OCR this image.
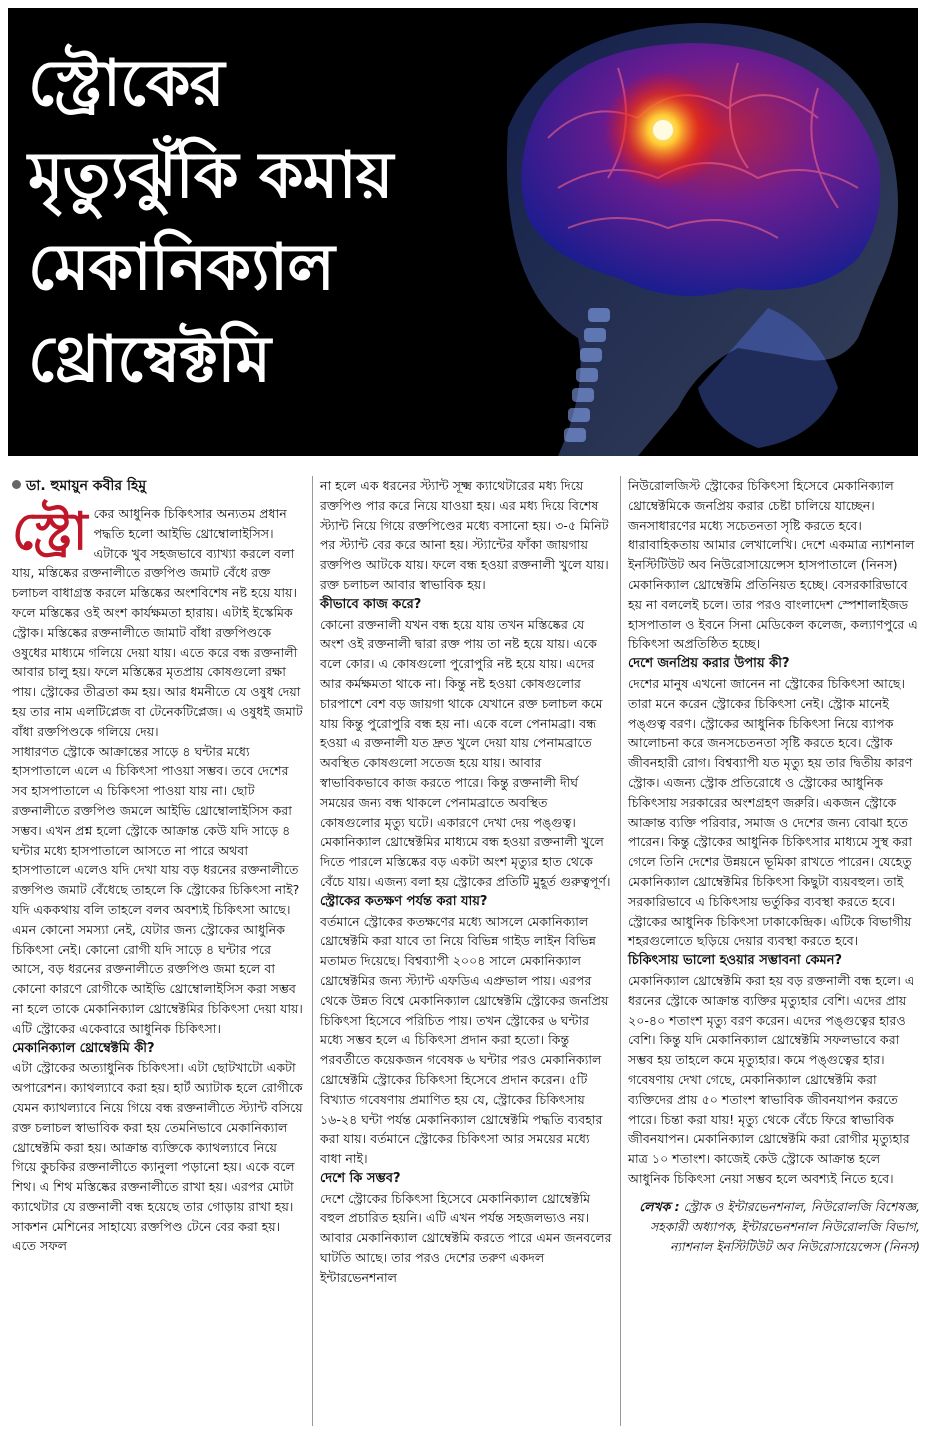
স্ট্রোকের
মৃত্যুঝুঁকি কমায়
মেকানিক্যাল
থ্রোম্বেক্টমি

ডা. হুমায়ুন কবীর হিমু

স্ট্রো কের আধুনিক চিকিৎসার অন্যতম প্রধান পদ্ধতি হলো আইভি থ্রোম্বোলাইসিস। এটাকে খুব সহজভাবে ব্যাখ্যা করলে বলা যায়, মস্তিষ্কের রক্তনালীতে রক্তপিণ্ড জমাট বেঁধে রক্ত চলাচল বাধাগ্রস্ত করলে মস্তিষ্কের অংশবিশেষ নষ্ট হয়ে যায়। ফলে মস্তিষ্কের ওই অংশ কার্যক্ষমতা হারায়। এটাই ইস্কেমিক স্ট্রোক। মস্তিষ্কের রক্তনালীতে জামাট বাঁধা রক্তপিণ্ডকে ওষুধের মাধ্যমে গলিয়ে দেয়া যায়। এতে করে বন্ধ রক্তনালী আবার চালু হয়। ফলে মস্তিষ্কের মৃতপ্রায় কোষগুলো রক্ষা পায়। স্ট্রোকের তীব্রতা কম হয়। আর ধমনীতে যে ওষুধ দেয়া হয় তার নাম এলটিপ্লেজ বা টেনেকটিপ্লেজ। এ ওষুধই জমাট বাঁধা রক্তপিণ্ডকে গলিয়ে দেয়।

সাধারণত স্ট্রোকে আক্রান্তের সাড়ে ৪ ঘন্টার মধ্যে হাসপাতালে এলে এ চিকিৎসা পাওয়া সম্ভব। তবে দেশের সব হাসপাতালে এ চিকিৎসা পাওয়া যায় না। ছোট রক্তনালীতে রক্তপিণ্ড জমলে আইভি থ্রোম্বোলাইসিস করা সম্ভব। এখন প্রশ্ন হলো স্ট্রোকে আক্রান্ত কেউ যদি সাড়ে ৪ ঘন্টার মধ্যে হাসপাতালে আসতে না পারে অথবা হাসপাতালে এলেও যদি দেখা যায় বড় ধরনের রক্তনালীতে রক্তপিণ্ড জমাট বেঁধেছে তাহলে কি স্ট্রোকের চিকিৎসা নাই?

যদি এককথায় বলি তাহলে বলব অবশ্যই চিকিৎসা আছে। এমন কোনো সমস্যা নেই, যেটার জন্য স্ট্রোকের আধুনিক চিকিৎসা নেই। কোনো রোগী যদি সাড়ে ৪ ঘন্টার পরে আসে, বড় ধরনের রক্তনালীতে রক্তপিণ্ড জমা হলে বা কোনো কারণে রোগীকে আইভি থ্রোম্বোলাইসিস করা সম্ভব না হলে তাকে মেকানিক্যাল থ্রোম্বেক্টমির চিকিৎসা দেয়া যায়। এটি স্ট্রোকের একেবারে আধুনিক চিকিৎসা।

মেকানিক্যাল থ্রোম্বেক্টমি কী?

এটা স্ট্রোকের অত্যাধুনিক চিকিৎসা। এটা ছোটখাটো একটা অপারেশন। ক্যাথল্যাবে করা হয়। হার্ট অ্যাটাক হলে রোগীকে যেমন ক্যাথল্যাবে নিয়ে গিয়ে বন্ধ রক্তনালীতে স্ট্যান্ট বসিয়ে রক্ত চলাচল স্বাভাবিক করা হয় তেমনিভাবে মেকানিক্যাল থ্রোম্বেক্টমি করা হয়। আক্রান্ত ব্যক্তিকে ক্যাথল্যাবে নিয়ে গিয়ে কুচকির রক্তনালীতে ক্যানুলা পড়ানো হয়। একে বলে শিথ। এ শিথ মস্তিষ্কের রক্তনালীতে রাখা হয়। এরপর মোটা ক্যাথেটার যে রক্তনালী বন্ধ হয়েছে তার গোড়ায় রাখা হয়। সাকশন মেশিনের সাহায্যে রক্তপিণ্ড টেনে বের করা হয়। এতে সফল

না হলে এক ধরনের স্ট্যান্ট সূক্ষ্ম ক্যাথেটারের মধ্য দিয়ে রক্তপিণ্ড পার করে নিয়ে যাওয়া হয়। এর মধ্য দিয়ে বিশেষ স্ট্যান্ট নিয়ে গিয়ে রক্তপিণ্ডের মধ্যে বসানো হয়। ৩-৫ মিনিট পর স্ট্যান্ট বের করে আনা হয়। স্ট্যান্টের ফাঁকা জায়গায় রক্তপিণ্ড আটকে যায়। ফলে বন্ধ হওয়া রক্তনালী খুলে যায়। রক্ত চলাচল আবার স্বাভাবিক হয়।

কীভাবে কাজ করে?

কোনো রক্তনালী যখন বন্ধ হয়ে যায় তখন মস্তিষ্কের যে অংশ ওই রক্তনালী দ্বারা রক্ত পায় তা নষ্ট হয়ে যায়। একে বলে কোর। এ কোষগুলো পুরোপুরি নষ্ট হয়ে যায়। এদের আর কর্মক্ষমতা থাকে না। কিন্তু নষ্ট হওয়া কোষগুলোর চারপাশে বেশ বড় জায়গা থাকে যেখানে রক্ত চলাচল কমে যায় কিন্তু পুরোপুরি বন্ধ হয় না। একে বলে পেনামব্রা। বন্ধ হওয়া এ রক্তনালী যত দ্রুত খুলে দেয়া যায় পেনামব্রাতে অবস্থিত কোষগুলো সতেজ হয়ে যায়। আবার স্বাভাবিকভাবে কাজ করতে পারে। কিন্তু রক্তনালী দীর্ঘ সময়ের জন্য বন্ধ থাকলে পেনামব্রাতে অবস্থিত কোষগুলোর মৃত্যু ঘটে। একারণে দেখা দেয় পঙ্গুত্ব। মেকানিক্যাল থ্রোম্বেক্টমির মাধ্যমে বন্ধ হওয়া রক্তনালী খুলে দিতে পারলে মস্তিষ্কের বড় একটা অংশ মৃত্যুর হাত থেকে বেঁচে যায়। এজন্য বলা হয় স্ট্রোকের প্রতিটি মুহূর্ত গুরুত্বপূর্ণ।

স্ট্রোকের কতক্ষণ পর্যন্ত করা যায়?

বর্তমানে স্ট্রোকের কতক্ষণের মধ্যে আসলে মেকানিক্যাল থ্রোম্বেক্টমি করা যাবে তা নিয়ে বিভিন্ন গাইড লাইন বিভিন্ন মতামত দিয়েছে। বিশ্বব্যাপী ২০০৪ সালে মেকানিক্যাল থ্রোম্বেক্টমির জন্য স্ট্যান্ট এফডিএ এপ্রুভাল পায়। এরপর থেকে উন্নত বিশ্বে মেকানিক্যাল থ্রোম্বেক্টমি স্ট্রোকের জনপ্রিয় চিকিৎসা হিসেবে পরিচিত পায়। তখন স্ট্রোকের ৬ ঘন্টার মধ্যে সম্ভব হলে এ চিকিৎসা প্রদান করা হতো। কিন্তু পরবর্তীতে কয়েকজন গবেষক ৬ ঘন্টার পরও মেকানিক্যাল থ্রোম্বেক্টমি স্ট্রোকের চিকিৎসা হিসেবে প্রদান করেন। ৫টি বিখ্যাত গবেষণায় প্রমাণিত হয় যে, স্ট্রোকের চিকিৎসায় ১৬-২৪ ঘন্টা পর্যন্ত মেকানিক্যাল থ্রোম্বেক্টমি পদ্ধতি ব্যবহার করা যায়। বর্তমানে স্ট্রোকের চিকিৎসা আর সময়ের মধ্যে বাধা নাই।

দেশে কি সম্ভব?

দেশে স্ট্রোকের চিকিৎসা হিসেবে মেকানিক্যাল থ্রোম্বেক্টমি বহুল প্রচারিত হয়নি। এটি এখন পর্যন্ত সহজলভ্যও নয়। আবার মেকানিক্যাল থ্রোম্বেক্টমি করতে পারে এমন জনবলের ঘাটতি আছে। তার পরও দেশের তরুণ একদল ইন্টারভেনশনাল

নিউরোলজিস্ট স্ট্রোকের চিকিৎসা হিসেবে মেকানিক্যাল থ্রোম্বেক্টমিকে জনপ্রিয় করার চেষ্টা চালিয়ে যাচ্ছেন। জনসাধারণের মধ্যে সচেতনতা সৃষ্টি করতে হবে। ধারাবাহিকতায় আমার লেখালেখি। দেশে একমাত্র ন্যাশনাল ইনস্টিটিউট অব নিউরোসায়েন্সেস হাসপাতালে (নিনস) মেকানিক্যাল থ্রোম্বেক্টমি প্রতিনিয়ত হচ্ছে। বেসরকারিভাবে হয় না বললেই চলে। তার পরও বাংলাদেশ স্পেশালাইজড হাসপাতাল ও ইবনে সিনা মেডিকেল কলেজ, কল্যাণপুরে এ চিকিৎসা অপ্রতিষ্ঠিত হচ্ছে।

দেশে জনপ্রিয় করার উপায় কী?

দেশের মানুষ এখনো জানেন না স্ট্রোকের চিকিৎসা আছে। তারা মনে করেন স্ট্রোকের চিকিৎসা নেই। স্ট্রোক মানেই পঙ্গুত্ব বরণ। স্ট্রোকের আধুনিক চিকিৎসা নিয়ে ব্যাপক আলোচনা করে জনসচেতনতা সৃষ্টি করতে হবে। স্ট্রোক জীবনহারী রোগ। বিশ্বব্যাপী যত মৃত্যু হয় তার দ্বিতীয় কারণ স্ট্রোক। এজন্য স্ট্রোক প্রতিরোধে ও স্ট্রোকের আধুনিক চিকিৎসায় সরকারের অংশগ্রহণ জরুরি। একজন স্ট্রোকে আক্রান্ত ব্যক্তি পরিবার, সমাজ ও দেশের জন্য বোঝা হতে পারেন। কিন্তু স্ট্রোকের আধুনিক চিকিৎসার মাধ্যমে সুস্থ করা গেলে তিনি দেশের উন্নয়নে ভূমিকা রাখতে পারেন। যেহেতু মেকানিক্যাল থ্রোম্বেক্টমির চিকিৎসা কিছুটা ব্যয়বহুল। তাই সরকারিভাবে এ চিকিৎসায় ভর্তুকির ব্যবস্থা করতে হবে। স্ট্রোকের আধুনিক চিকিৎসা ঢাকাকেন্দ্রিক। এটিকে বিভাগীয় শহরগুলোতে ছড়িয়ে দেয়ার ব্যবস্থা করতে হবে।

চিকিৎসায় ভালো হওয়ার সম্ভাবনা কেমন?

মেকানিক্যাল থ্রোম্বেক্টমি করা হয় বড় রক্তনালী বন্ধ হলে। এ ধরনের স্ট্রোকে আক্রান্ত ব্যক্তির মৃত্যুহার বেশি। এদের প্রায় ২০-৪০ শতাংশ মৃত্যু বরণ করেন। এদের পঙ্গুত্বের হারও বেশি। কিন্তু যদি মেকানিক্যাল থ্রোম্বেক্টমি সফলভাবে করা সম্ভব হয় তাহলে কমে মৃত্যুহার। কমে পঙ্গুত্বের হার। গবেষণায় দেখা গেছে, মেকানিক্যাল থ্রোম্বেক্টমি করা ব্যক্তিদের প্রায় ৫০ শতাংশ স্বাভাবিক জীবনযাপন করতে পারে। চিন্তা করা যায়! মৃত্যু থেকে বেঁচে ফিরে স্বাভাবিক জীবনযাপন। মেকানিক্যাল থ্রোম্বেক্টমি করা রোগীর মৃত্যুহার মাত্র ১০ শতাংশ। কাজেই কেউ স্ট্রোকে আক্রান্ত হলে আধুনিক চিকিৎসা নেয়া সম্ভব হলে অবশ্যই নিতে হবে।

লেখক : স্ট্রোক ও ইন্টারভেনশনাল, নিউরোলজি বিশেষজ্ঞ, সহকারী অধ্যাপক, ইন্টারভেনশনাল নিউরোলজি বিভাগ, ন্যাশনাল ইনস্টিটিউট অব নিউরোসায়েন্সেস (নিনস)
